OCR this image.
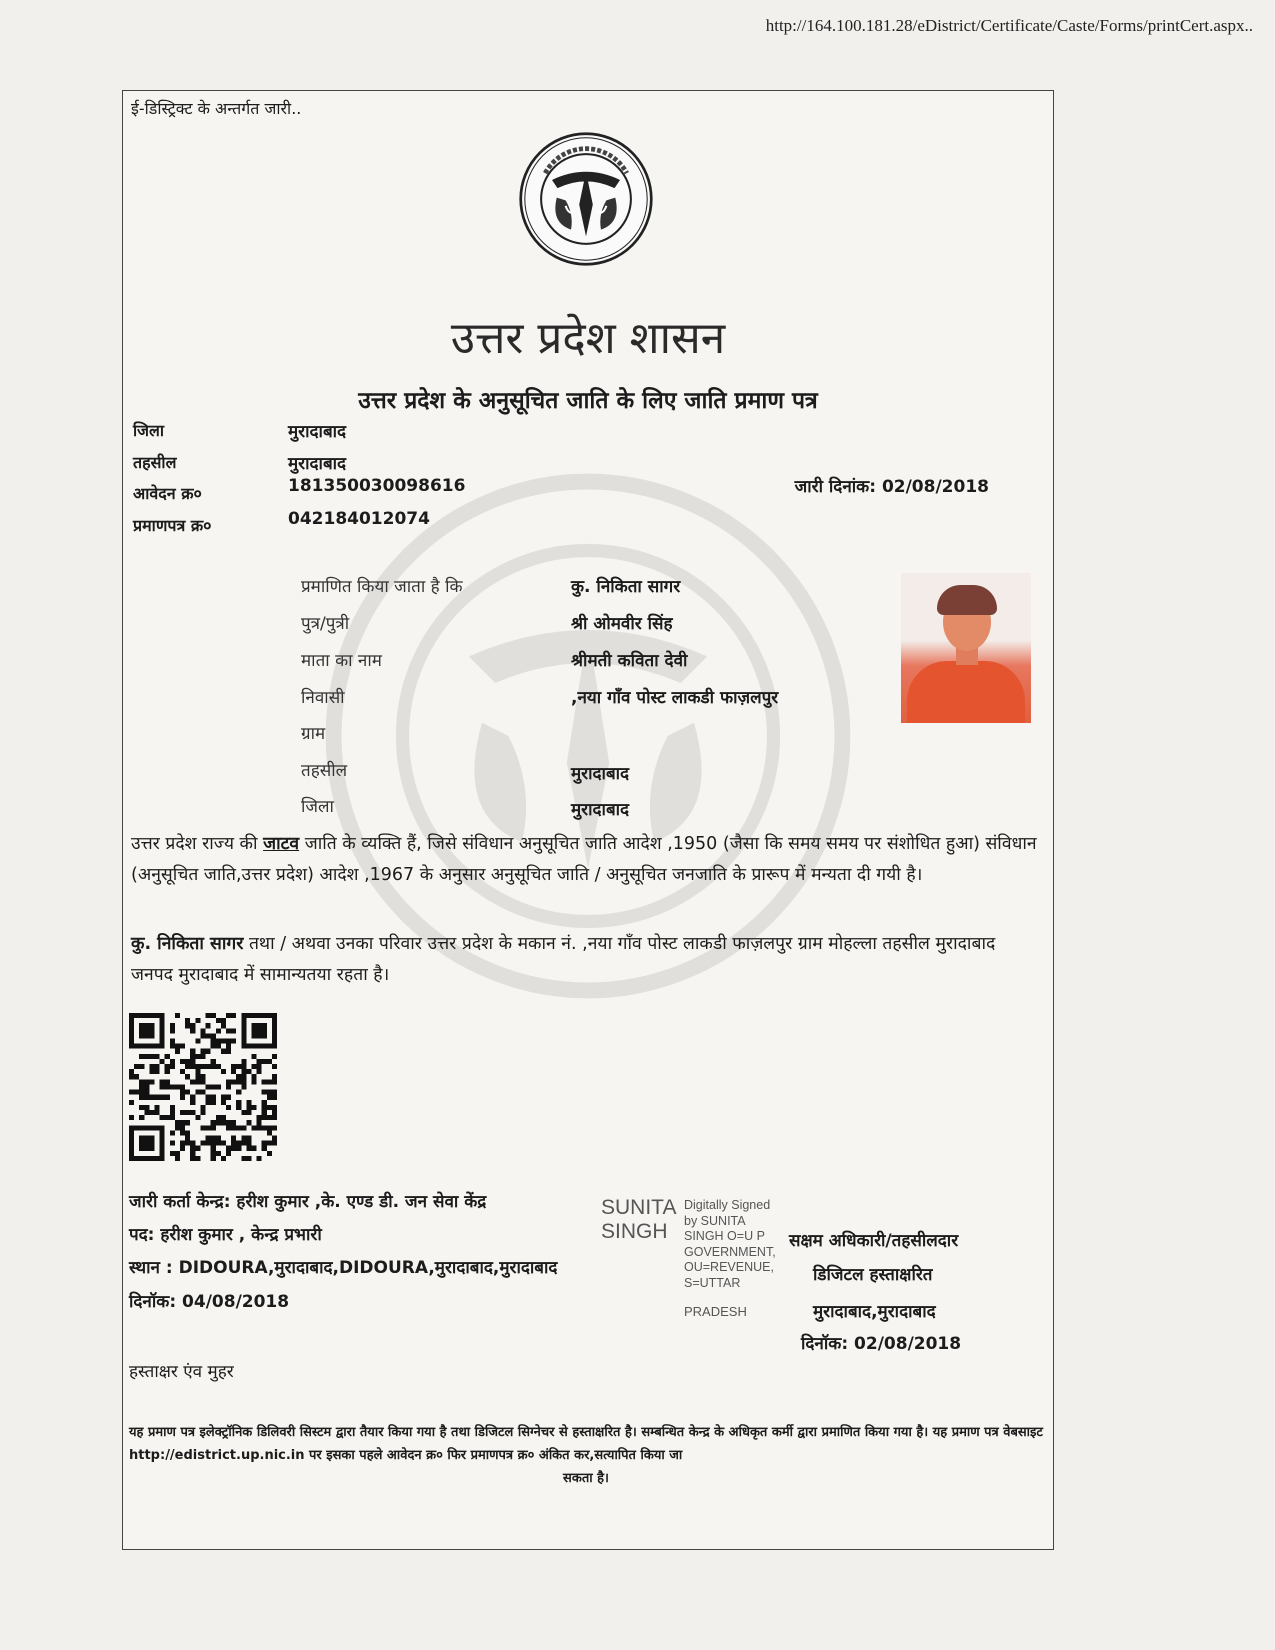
http://164.100.181.28/eDistrict/Certificate/Caste/Forms/printCert.aspx..
ई-डिस्ट्रिक्ट के अन्तर्गत जारी..
उत्तर प्रदेश शासन
उत्तर प्रदेश के अनुसूचित जाति के लिए जाति प्रमाण पत्र
जिला	मुरादाबाद
तहसील	मुरादाबाद
आवेदन क्र०	181350030098616
प्रमाणपत्र क्र०	042184012074
जारी दिनांक: 02/08/2018
प्रमाणित किया जाता है कि	कु. निकिता सागर
पुत्र/पुत्री	श्री ओमवीर सिंह
माता का नाम	श्रीमती कविता देवी
निवासी	,नया गाँव पोस्ट लाकडी फाज़लपुर
ग्राम
तहसील	मुरादाबाद
जिला	मुरादाबाद
उत्तर प्रदेश राज्य की जाटव जाति के व्यक्ति हैं, जिसे संविधान अनुसूचित जाति आदेश ,1950 (जैसा कि समय समय पर संशोधित हुआ) संविधान (अनुसूचित जाति,उत्तर प्रदेश) आदेश ,1967 के अनुसार अनुसूचित जाति / अनुसूचित जनजाति के प्रारूप में मन्यता दी गयी है।
कु. निकिता सागर तथा / अथवा उनका परिवार उत्तर प्रदेश के मकान नं. ,नया गाँव पोस्ट लाकडी फाज़लपुर ग्राम मोहल्ला तहसील मुरादाबाद जनपद मुरादाबाद में सामान्यतया रहता है।
जारी कर्ता केन्द्र: हरीश कुमार ,के. एण्ड डी. जन सेवा केंद्र
पद: हरीश कुमार , केन्द्र प्रभारी
स्थान : DIDOURA,मुरादाबाद,DIDOURA,मुरादाबाद,मुरादाबाद
दिनॉक: 04/08/2018
SUNITA
SINGH
Digitally Signed
by SUNITA
SINGH O=U P
GOVERNMENT,
OU=REVENUE,
S=UTTAR
PRADESH
सक्षम अधिकारी/तहसीलदार
डिजिटल हस्ताक्षरित
मुरादाबाद,मुरादाबाद
दिनॉक: 02/08/2018
हस्ताक्षर एंव मुहर
यह प्रमाण पत्र इलेक्ट्रॉनिक डिलिवरी सिस्टम द्वारा तैयार किया गया है तथा डिजिटल सिग्नेचर से हस्ताक्षरित है। सम्बन्धित केन्द्र के अधिकृत कर्मी द्वारा प्रमाणित किया गया है। यह प्रमाण पत्र वेबसाइट http://edistrict.up.nic.in पर इसका पहले आवेदन क्र० फिर प्रमाणपत्र क्र० अंकित कर,सत्यापित किया जा
सकता है।
